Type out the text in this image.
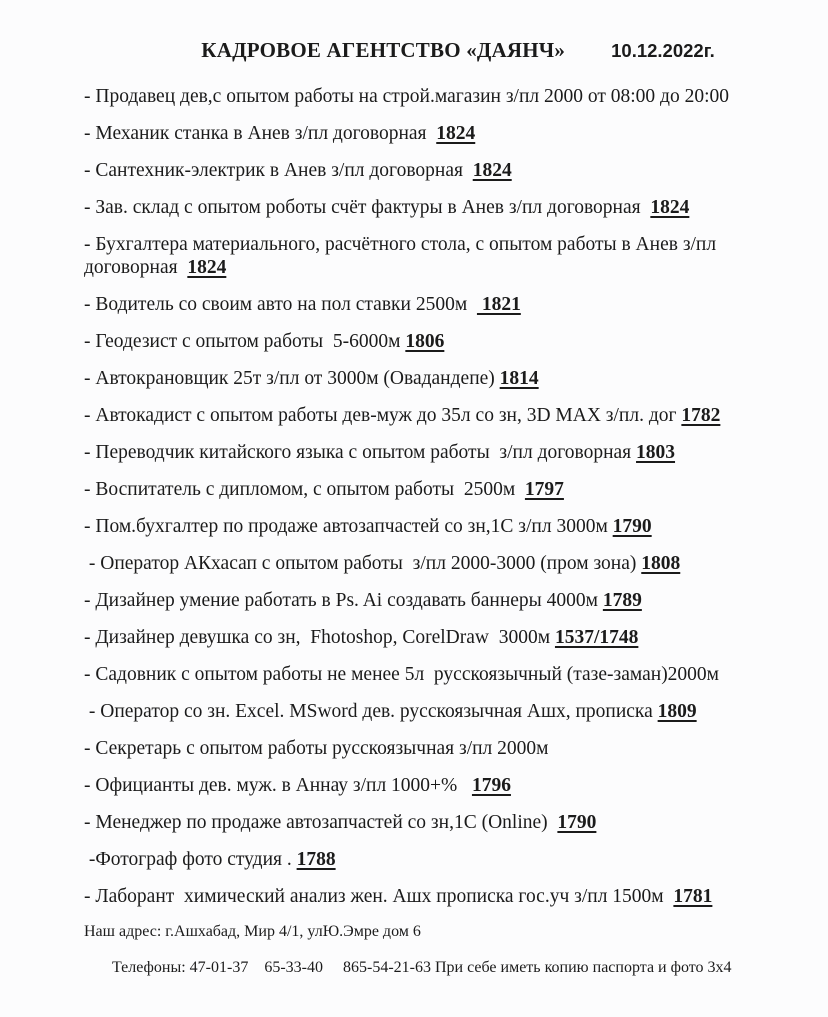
КАДРОВОЕ АГЕНТСТВО «ДАЯНЧ» 10.12.2022г.

- Продавец дев,с опытом работы на строй.магазин з/пл 2000 от 08:00 до 20:00

- Механик станка в Анев з/пл договорная  1824

- Сантехник-электрик в Анев з/пл договорная  1824

- Зав. склад с опытом роботы счёт фактуры в Анев з/пл договорная  1824

- Бухгалтера материального, расчётного стола, с опытом работы в Анев з/пл договорная  1824

- Водитель со своим авто на пол ставки 2500м   1821

- Геодезист с опытом работы  5-6000м 1806

- Автокрановщик 25т з/пл от 3000м (Овадандепе) 1814

- Автокадист с опытом работы дев-муж до 35л со зн, 3D MAX з/пл. дог 1782

- Переводчик китайского языка с опытом работы  з/пл договорная 1803

- Воспитатель с дипломом, с опытом работы  2500м  1797

- Пом.бухгалтер по продаже автозапчастей со зн,1С з/пл 3000м 1790

- Оператор АКхасап с опытом работы  з/пл 2000-3000 (пром зона) 1808

- Дизайнер умение работать в Ps. Ai создавать баннеры 4000м 1789

- Дизайнер девушка со зн,  Fhotoshop, CorelDraw  3000м 1537/1748

- Садовник с опытом работы не менее 5л  русскоязычный (тазе-заман)2000м

- Оператор со зн. Excel. MSword дев. русскоязычная Ашх, прописка 1809

- Секретарь с опытом работы русскоязычная з/пл 2000м

- Официанты дев. муж. в Аннау з/пл 1000+%   1796

- Менеджер по продаже автозапчастей со зн,1С (Online)  1790

-Фотограф фото студия . 1788

- Лаборант  химический анализ жен. Ашх прописка гос.уч з/пл 1500м  1781

Наш адрес: г.Ашхабад, Мир 4/1, улЮ.Эмре дом 6

Телефоны: 47-01-37    65-33-40     865-54-21-63 При себе иметь копию паспорта и фото 3х4
